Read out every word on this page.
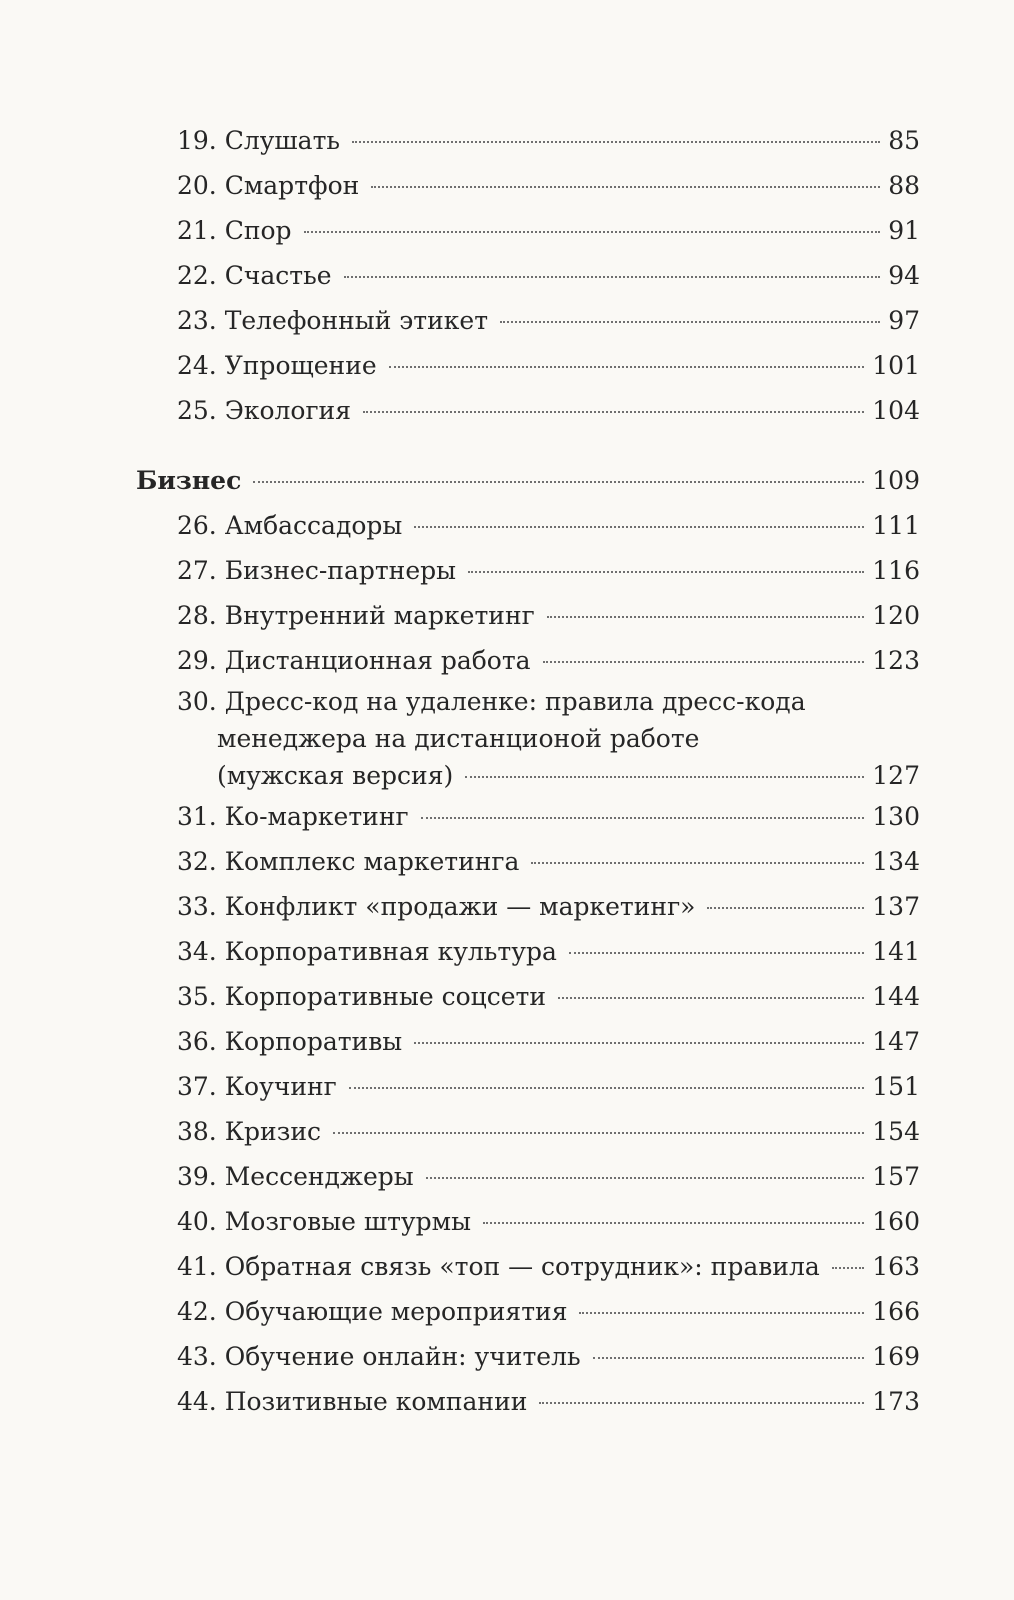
19. Слушать	85
20. Смартфон	88
21. Спор	91
22. Счастье	94
23. Телефонный этикет	97
24. Упрощение	101
25. Экология	104
Бизнес	109
26. Амбассадоры	111
27. Бизнес-партнеры	116
28. Внутренний маркетинг	120
29. Дистанционная работа	123
30. Дресс-код на удаленке: правила дресс-кода
менеджера на дистанционой работе
(мужская версия)	127
31. Ко-маркетинг	130
32. Комплекс маркетинга	134
33. Конфликт «продажи — маркетинг»	137
34. Корпоративная культура	141
35. Корпоративные соцсети	144
36. Корпоративы	147
37. Коучинг	151
38. Кризис	154
39. Мессенджеры	157
40. Мозговые штурмы	160
41. Обратная связь «топ — сотрудник»: правила 163
42. Обучающие мероприятия	166
43. Обучение онлайн: учитель	169
44. Позитивные компании	173
